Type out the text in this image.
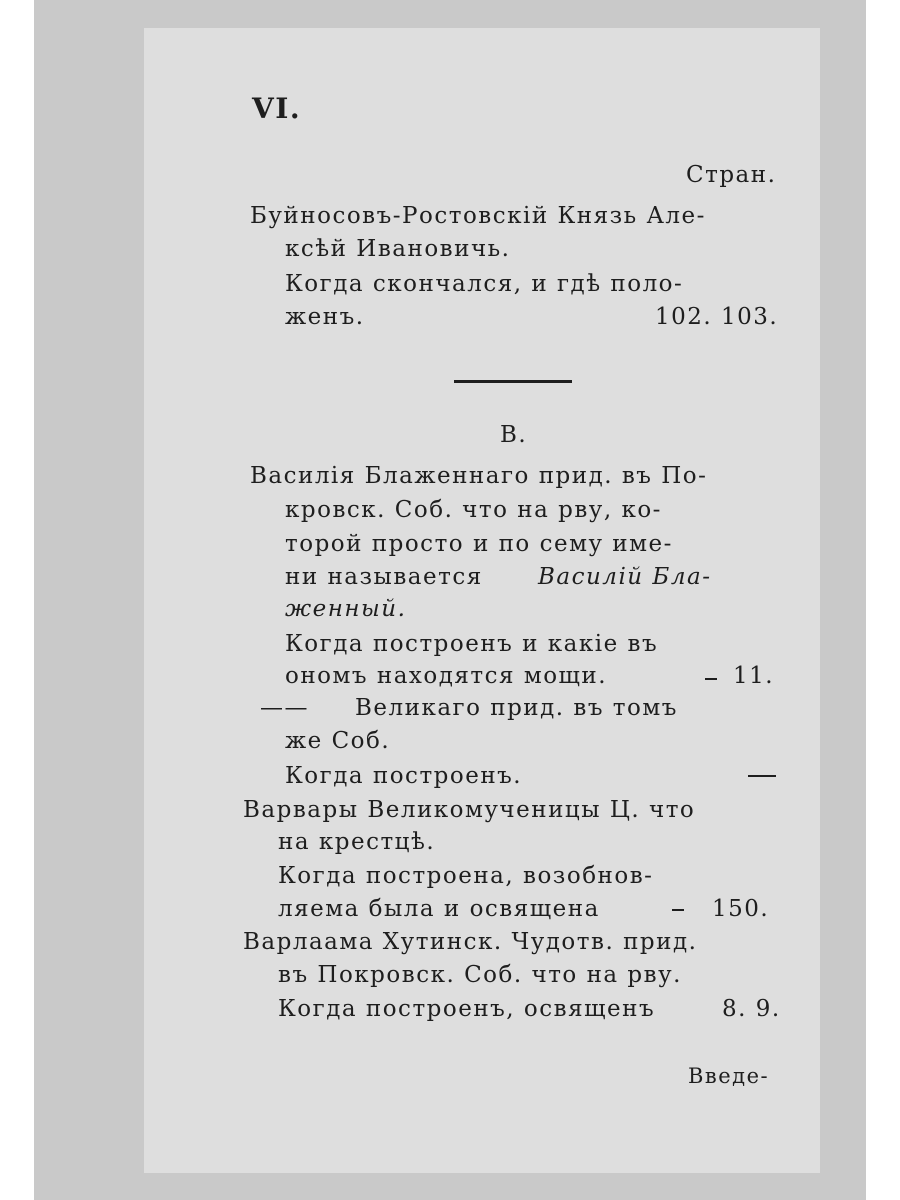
VI.
Стран.
Буйносовъ-Ростовскій Князь Але-
ксѣй Ивановичь.
Когда скончался, и гдѣ поло-
женъ.	102. 103.
В.
Василія Блаженнаго прид. въ По-
кровск. Соб. что на рву, ко-
торой просто и по сему име-
ни называется Василій Бла-
женный.
Когда построенъ и какіе въ
ономъ находятся мощи.	11.
—— Великаго прид. въ томъ
же Соб.
Когда построенъ.
Варвары Великомученицы Ц. что
на крестцѣ.
Когда построена, возобнов-
ляема была и освящена	150.
Варлаама Хутинск. Чудотв. прид.
въ Покровск. Соб. что на рву.
Когда построенъ, освященъ	8. 9.
Введе-
